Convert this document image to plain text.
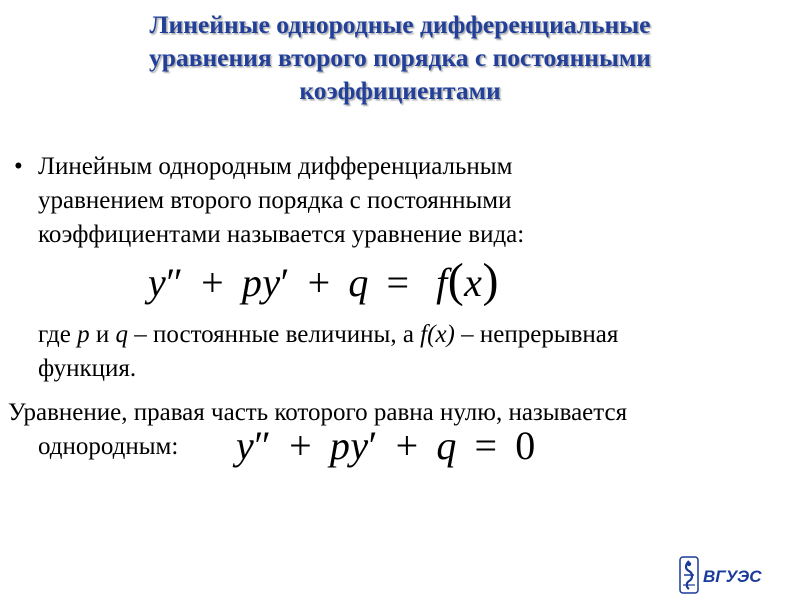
Линейные однородные дифференциальные
уравнения второго порядка с постоянными
коэффициентами
• Линейным однородным дифференциальным
уравнением второго порядка с постоянными
коэффициентами называется уравнение вида:
y″ + py′ + q = f(x)
где p и q – постоянные величины, а f(x) – непрерывная
функция.
Уравнение, правая часть которого равна нулю, называется
однородным:	y″ + py′ + q = 0
ВГУЭС
